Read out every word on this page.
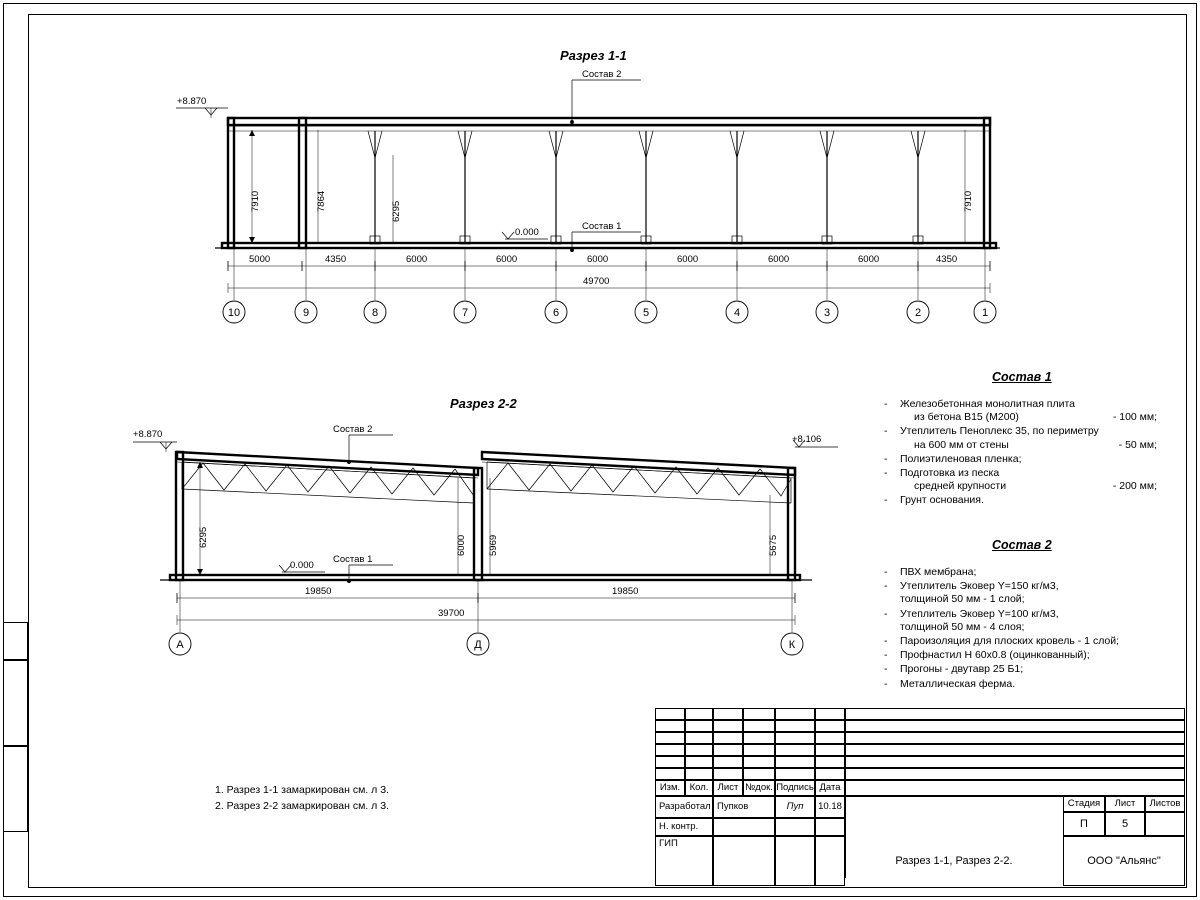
Разрез 1-1
10	9	8	7	6	5	4	3	2	1
+8.870
0.000
Состав 2
Состав 1
7910	7864	6295	7910
5000	4350	6000	6000	6000	6000	6000	6000	4350
49700
Разрез 2-2
А	Д	К
+8.870	+8.106
0.000
Состав 2
Состав 1
6295	6000 5969	5675
19850	19850
39700
Состав 1
-	Железобетонная монолитная плита
из бетона В15 (М200)	- 100 мм;
-	Утеплитель Пеноплекс 35, по периметру
на 600 мм от стены	- 50 мм;
-	Полиэтиленовая пленка;	
-	Подготовка из песка
средней крупности	- 200 мм;
-	Грунт основания.	
Состав 2
-	ПВХ мембрана;
-	Утеплитель Эковер Y=150 кг/м3,
толщиной 50 мм - 1 слой;
-	Утеплитель Эковер Y=100 кг/м3,
толщиной 50 мм - 4 слоя;
-	Пароизоляция для плоских кровель - 1 слой;
-	Профнастил Н 60х0.8 (оцинкованный);
-	Прогоны - двутавр 25 Б1;
-	Металлическая ферма.
1. Разрез 1-1 замаркирован см. л 3.
2. Разрез 2-2 замаркирован см. л 3.
Изм. Кол. Лист №док. Подпись Дата
Разработал Пупков	Пуп	10.18
Н. контр.
ГИП
Разрез 1-1, Разрез 2-2.
Стадия	Лист	Листов
П	5
ООО "Альянс"
